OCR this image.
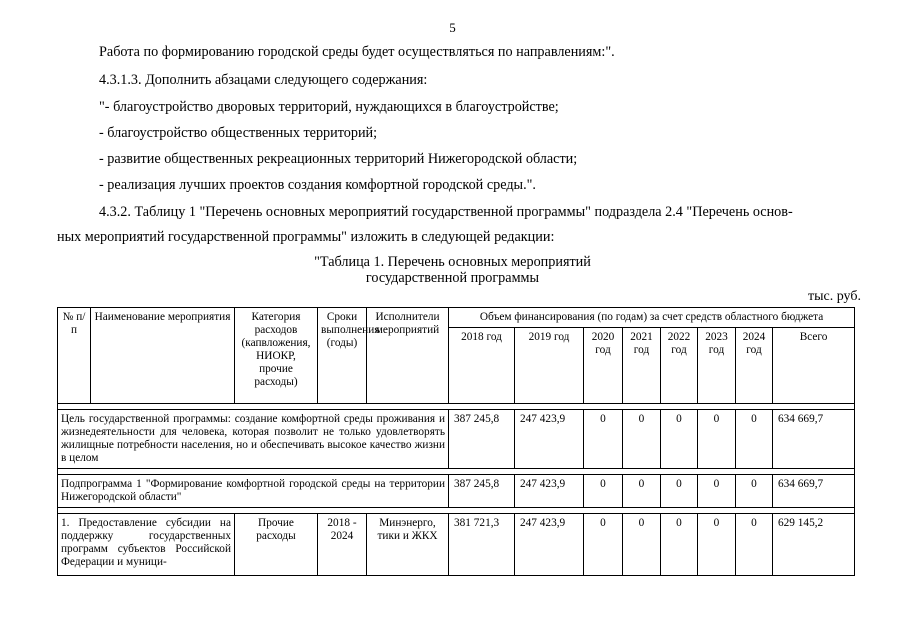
5
Работа по формированию городской среды будет осуществляться по направлениям:".
4.3.1.3. Дополнить абзацами следующего содержания:
"- благоустройство дворовых территорий, нуждающихся в благоустройстве;
- благоустройство общественных территорий;
- развитие общественных рекреационных территорий Нижегородской области;
- реализация лучших проектов создания комфортной городской среды.".
4.3.2. Таблицу 1 "Перечень основных мероприятий государственной программы" подраздела 2.4 "Перечень основ-
ных мероприятий государственной программы" изложить в следующей редакции:
"Таблица 1. Перечень основных мероприятий
государственной программы
тыс. руб.
№ п/п	Наименование мероприятия	Категория расходов (капвложения, НИОКР, прочие расходы)	Сроки выполнения (годы)	Исполнители мероприятий	Объем финансирования (по годам) за счет средств областного бюджета							
					2018 год	2019 год	2020 год	2021 год	2022 год	2023 год	2024 год	Всего

Цель государственной программы: создание комфортной среды проживания и жизнедеятельности для человека, которая позволит не только удовлетворять жилищные потребности населения, но и обеспечивать высокое качество жизни в целом					387 245,8	247 423,9	0	0	0	0	0	634 669,7

Подпрограмма 1 "Формирование комфортной городской среды на территории Нижегородской области"					387 245,8	247 423,9	0	0	0	0	0	634 669,7

1. Предоставление субсидии на поддержку государственных программ субъектов Российской Федерации и муници-		Прочие расходы	2018 - 2024	Минэнерго, тики и ЖКХ	381 721,3	247 423,9	0	0	0	0	0	629 145,2
